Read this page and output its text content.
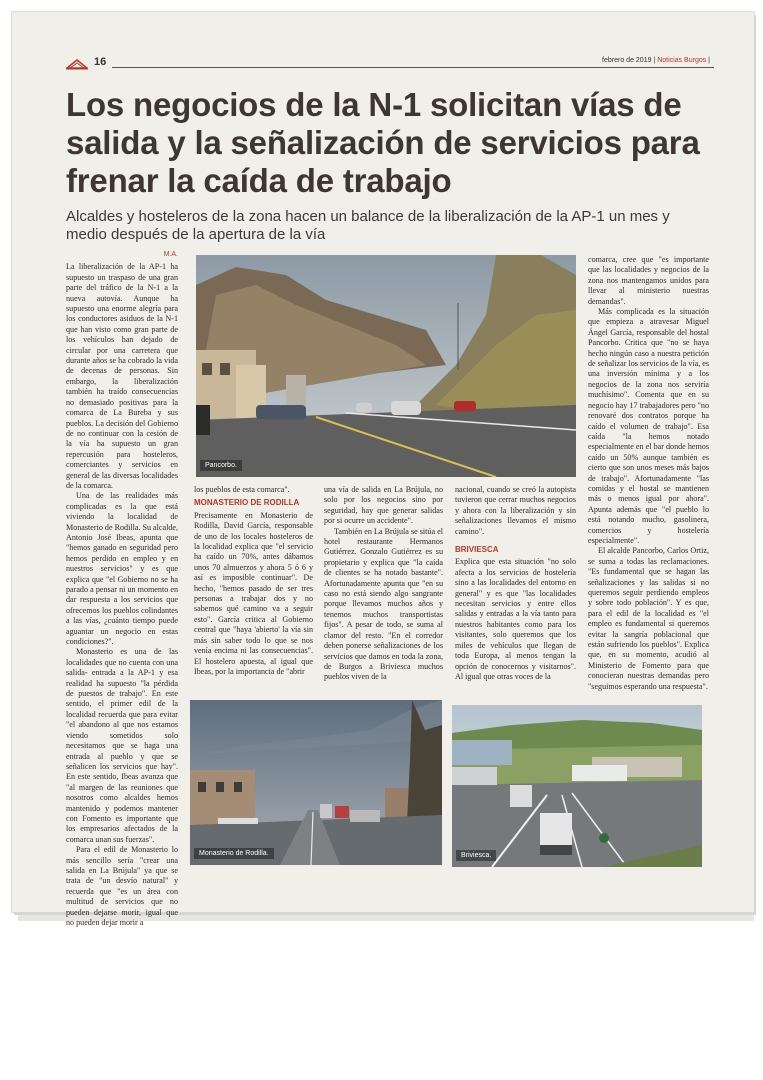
16	febrero de 2019 | Noticias Burgos |
Los negocios de la N-1 solicitan vías de salida y la señalización de servicios para frenar la caída de trabajo

Alcaldes y hosteleros de la zona hacen un balance de la liberalización de la AP-1 un mes y medio después de la apertura de la vía

M.A.

La liberalización de la AP-1 ha supuesto un traspaso de una gran parte del tráfico de la N-1 a la nueva autovía. Aunque ha supuesto una enorme alegría para los conductores asiduos de la N-1 que han visto como gran parte de los vehículos han dejado de circular por una carretera que durante años se ha cobrado la vida de decenas de personas. Sin embargo, la liberalización también ha traído consecuencias no demasiado positivas para la comarca de La Bureba y sus pueblos. La decisión del Gobierno de no continuar con la cesión de la vía ha supuesto un gran repercusión para hosteleros, comerciantes y servicios en general de las diversas localidades de la comarca.

Una de las realidades más complicadas es la que está viviendo la localidad de Monasterio de Rodilla. Su alcalde, Antonio José Ibeas, apunta que "hemos ganado en seguridad pero hemos perdido en empleo y en nuestros servicios" y es que explica que "el Gobierno no se ha parado a pensar ni un momento en dar respuesta a los servicios que ofrecemos los pueblos colindantes a las vías, ¿cuánto tiempo puede aguantar un negocio en estas condiciones?".

Monasterio es una de las localidades que no cuenta con una salida- entrada a la AP-1 y esa realidad ha supuesto "la pérdida de puestos de trabajo". En este sentido, el primer edil de la localidad recuerda que para evitar "el abandono al que nos estamos viendo sometidos solo necesitamos que se haga una entrada al pueblo y que se señalicen los servicios que hay". En este sentido, Ibeas avanza que "al margen de las reuniones que nosotros como alcaldes hemos mantenido y podemos mantener con Fomento es importante que los empresarios afectados de la comarca unan sus fuerzas".

Para el edil de Monasterio lo más sencillo sería "crear una salida en La Brújula" ya que se trata de "un desvío natural" y recuerda que "es un área con multitud de servicios que no pueden dejarse morir, igual que no pueden dejar morir a

Pancorbo.

los pueblos de esta comarca".

MONASTERIO DE RODILLA

Precisamente en Monasterio de Rodilla, David García, responsable de uno de los locales hosteleros de la localidad explica que "el servicio ha caído un 70%, antes dábamos unos 70 almuerzos y ahora 5 ó 6 y así es imposible continuar". De hecho, "hemos pasado de ser tres personas a trabajar dos y no sabemos qué camino va a seguir esto". García critica al Gobierno central que "haya 'abierto' la vía sin más sin saber todo lo que se nos venía encima ni las consecuencias". El hostelero apuesta, al igual que Ibeas, por la importancia de "abrir

una vía de salida en La Brújula, no solo por los negocios sino por seguridad, hay que generar salidas por si ocurre un accidente".

También en La Brújula se sitúa el hotel restaurante Hermanos Gutiérrez. Gonzalo Gutiérrez es su propietario y explica que "la caída de clientes se ha notado bastante". Afortunadamente apunta que "en su caso no está siendo algo sangrante porque llevamos muchos años y tenemos muchos transportistas fijos". A pesar de todo, se suma al clamor del resto. "En el corredor deben ponerse señalizaciones de los servicios que damos en toda la zona, de Burgos a Briviesca muchos pueblos viven de la

nacional, cuando se creó la autopista tuvieron que cerrar muchos negocios y ahora con la liberalización y sin señalizaciones llevamos el mismo camino".

BRIVIESCA

Explica que esta situación "no solo afecta a los servicios de hostelería sino a las localidades del entorno en general" y es que "las localidades necesitan servicios y entre ellos salidas y entradas a la vía tanto para nuestros habitantes como para los visitantes, solo queremos que los miles de vehículos que llegan de toda Europa, al menos tengan la opción de conocernos y visitarnos". Al igual que otras voces de la

comarca, cree que "es importante que las localidades y negocios de la zona nos mantengamos unidos para llevar al ministerio nuestras demandas".

Más complicada es la situación que empieza a atravesar Miguel Ángel García, responsable del hostal Pancorbo. Critica que "no se haya hecho ningún caso a nuestra petición de señalizar los servicios de la vía, es una inversión mínima y a los negocios de la zona nos serviría muchísimo". Comenta que en su negocio hay 17 trabajadores pero "no renovaré dos contratos porque ha caído el volumen de trabajo". Esa caída "la hemos notado especialmente en el bar donde hemos caído un 50% aunque también es cierto que son unos meses más bajos de trabajo". Afortunadamente "las comidas y el hostal se mantienen más o menos igual por ahora". Apunta además que "el pueblo lo está notando mucho, gasolinera, comercios y hostelería especialmente".

El alcalde Pancorbo, Carlos Ortiz, se suma a todas las reclamaciones. "Es fundamental que se hagan las señalizaciones y las salidas si no queremos seguir perdiendo empleos y sobre todo población". Y es que, para el edil de la localidad es "el empleo es fundamental si queremos evitar la sangría poblacional que están sufriendo los pueblos". Explica que, en su momento, acudió al Ministerio de Fomento para que conocieran nuestras demandas pero "seguimos esperando una respuesta".

Monasterio de Rodilla.	Briviesca.
